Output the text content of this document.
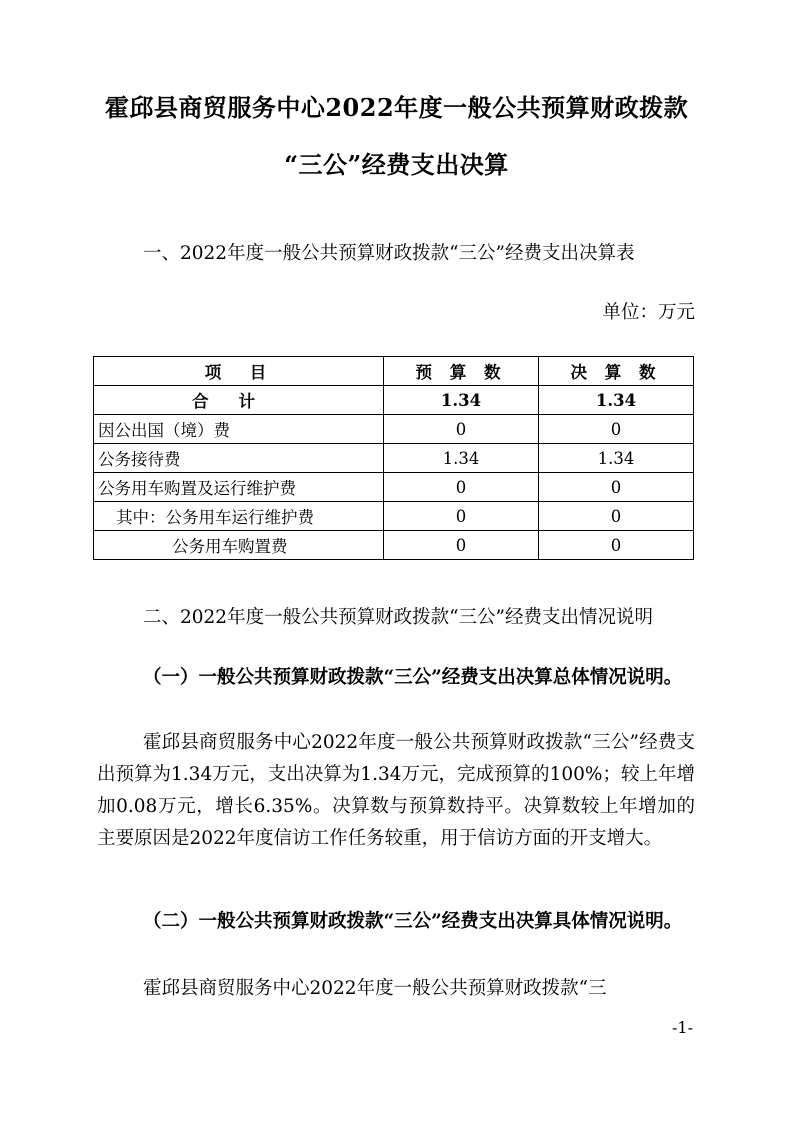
霍邱县商贸服务中心2022年度一般公共预算财政拨款
“三公”经费支出决算
一、2022年度一般公共预算财政拨款“三公”经费支出决算表
单位：万元
项　目	预 算 数	决 算 数
合计	1.34	1.34
因公出国（境）费	0	0
公务接待费	1.34	1.34
公务用车购置及运行维护费	0	0
其中：公务用车运行维护费	0	0
公务用车购置费	0	0
二、2022年度一般公共预算财政拨款“三公”经费支出情况说明
（一）一般公共预算财政拨款“三公”经费支出决算总体情况说明。
霍邱县商贸服务中心2022年度一般公共预算财政拨款“三公”经费支出预算为1.34万元，支出决算为1.34万元，完成预算的100%；较上年增加0.08万元，增长6.35%。决算数与预算数持平。决算数较上年增加的主要原因是2022年度信访工作任务较重，用于信访方面的开支增大。
（二）一般公共预算财政拨款“三公”经费支出决算具体情况说明。
霍邱县商贸服务中心2022年度一般公共预算财政拨款“三
-1-
